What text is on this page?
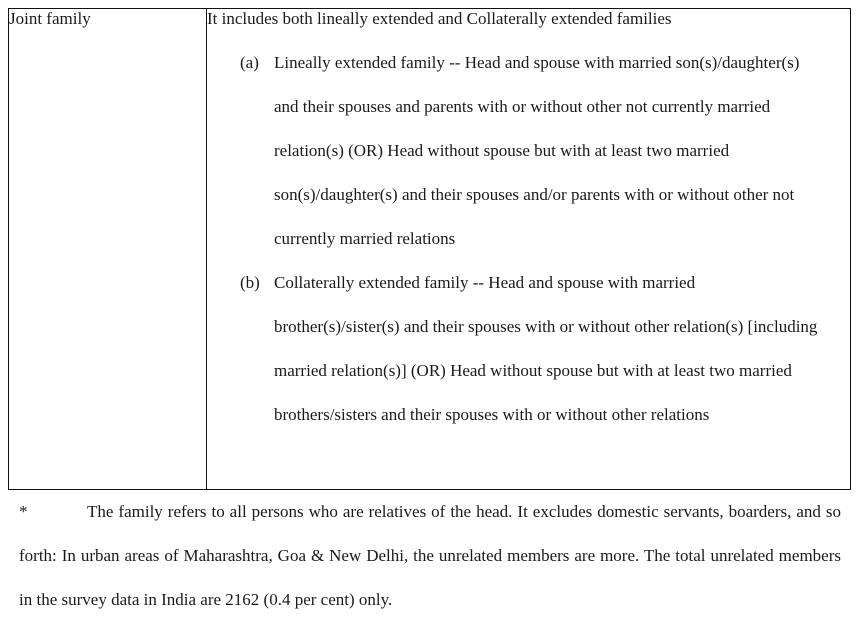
Joint family	It includes both lineally extended and Collaterally extended families
(a) Lineally extended family -- Head and spouse with married son(s)/daughter(s) and their spouses and parents with or without other not currently married relation(s) (OR) Head without spouse but with at least two married son(s)/daughter(s) and their spouses and/or parents with or without other not currently married relations
(b) Collaterally extended family -- Head and spouse with married brother(s)/sister(s) and their spouses with or without other relation(s) [including married relation(s)] (OR) Head without spouse but with at least two married brothers/sisters and their spouses with or without other relations
*	The family refers to all persons who are relatives of the head. It excludes domestic servants, boarders, and so forth: In urban areas of Maharashtra, Goa & New Delhi, the unrelated members are more. The total unrelated members in the survey data in India are 2162 (0.4 per cent) only.
